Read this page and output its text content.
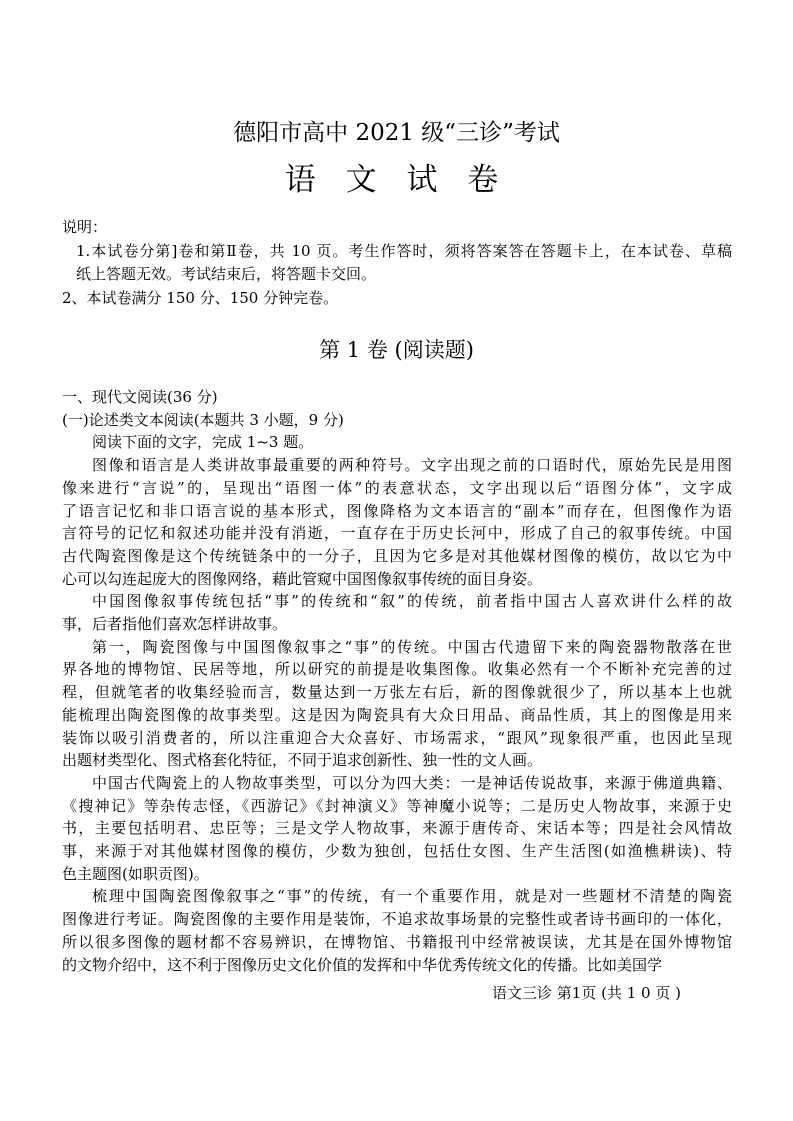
德阳市高中 2021 级“三诊”考试
语 文 试 卷
说明：
1.本试卷分第]卷和第Ⅱ卷，共 10 页。考生作答时，须将答案答在答题卡上，在本试卷、草稿
纸上答题无效。考试结束后，将答题卡交回。
2、本试卷满分 150 分、150 分钟完卷。
第 1 卷 (阅读题)
一、现代文阅读(36 分)
(一)论述类文本阅读(本题共 3 小题，9 分)
阅读下面的文字，完成 1~3 题。
图像和语言是人类讲故事最重要的两种符号。文字出现之前的口语时代，原始先民是用图
像来进行“言说”的，呈现出“语图一体”的表意状态，文字出现以后“语图分体”，文字成
了语言记忆和非口语言说的基本形式，图像降格为文本语言的“副本”而存在，但图像作为语
言符号的记忆和叙述功能并没有消逝，一直存在于历史长河中，形成了自己的叙事传统。中国
古代陶瓷图像是这个传统链条中的一分子，且因为它多是对其他媒材图像的模仿，故以它为中
心可以勾连起庞大的图像网络，藉此管窥中国图像叙事传统的面目身姿。
中国图像叙事传统包括“事”的传统和“叙”的传统，前者指中国古人喜欢讲什么样的故
事，后者指他们喜欢怎样讲故事。
第一，陶瓷图像与中国图像叙事之“事”的传统。中国古代遗留下来的陶瓷器物散落在世
界各地的博物馆、民居等地，所以研究的前提是收集图像。收集必然有一个不断补充完善的过
程，但就笔者的收集经验而言，数量达到一万张左右后，新的图像就很少了，所以基本上也就
能梳理出陶瓷图像的故事类型。这是因为陶瓷具有大众日用品、商品性质，其上的图像是用来
装饰以吸引消费者的，所以注重迎合大众喜好、市场需求，“跟风”现象很严重，也因此呈现
出题材类型化、图式格套化特征，不同于追求创新性、独一性的文人画。
中国古代陶瓷上的人物故事类型，可以分为四大类：一是神话传说故事，来源于佛道典籍、
《搜神记》等杂传志怪，《西游记》《封神演义》等神魔小说等；二是历史人物故事，来源于史
书，主要包括明君、忠臣等；三是文学人物故事，来源于唐传奇、宋话本等；四是社会风情故
事，来源于对其他媒材图像的模仿，少数为独创，包括仕女图、生产生活图(如渔樵耕读)、特
色主题图(如职贡图)。
梳理中国陶瓷图像叙事之“事”的传统，有一个重要作用，就是对一些题材不清楚的陶瓷
图像进行考证。陶瓷图像的主要作用是装饰，不追求故事场景的完整性或者诗书画印的一体化，
所以很多图像的题材都不容易辨识，在博物馆、书籍报刊中经常被误读，尤其是在国外博物馆
的文物介绍中，这不利于图像历史文化价值的发挥和中华优秀传统文化的传播。比如美国学
语文三诊 第1页 (共 1 0 页 )
